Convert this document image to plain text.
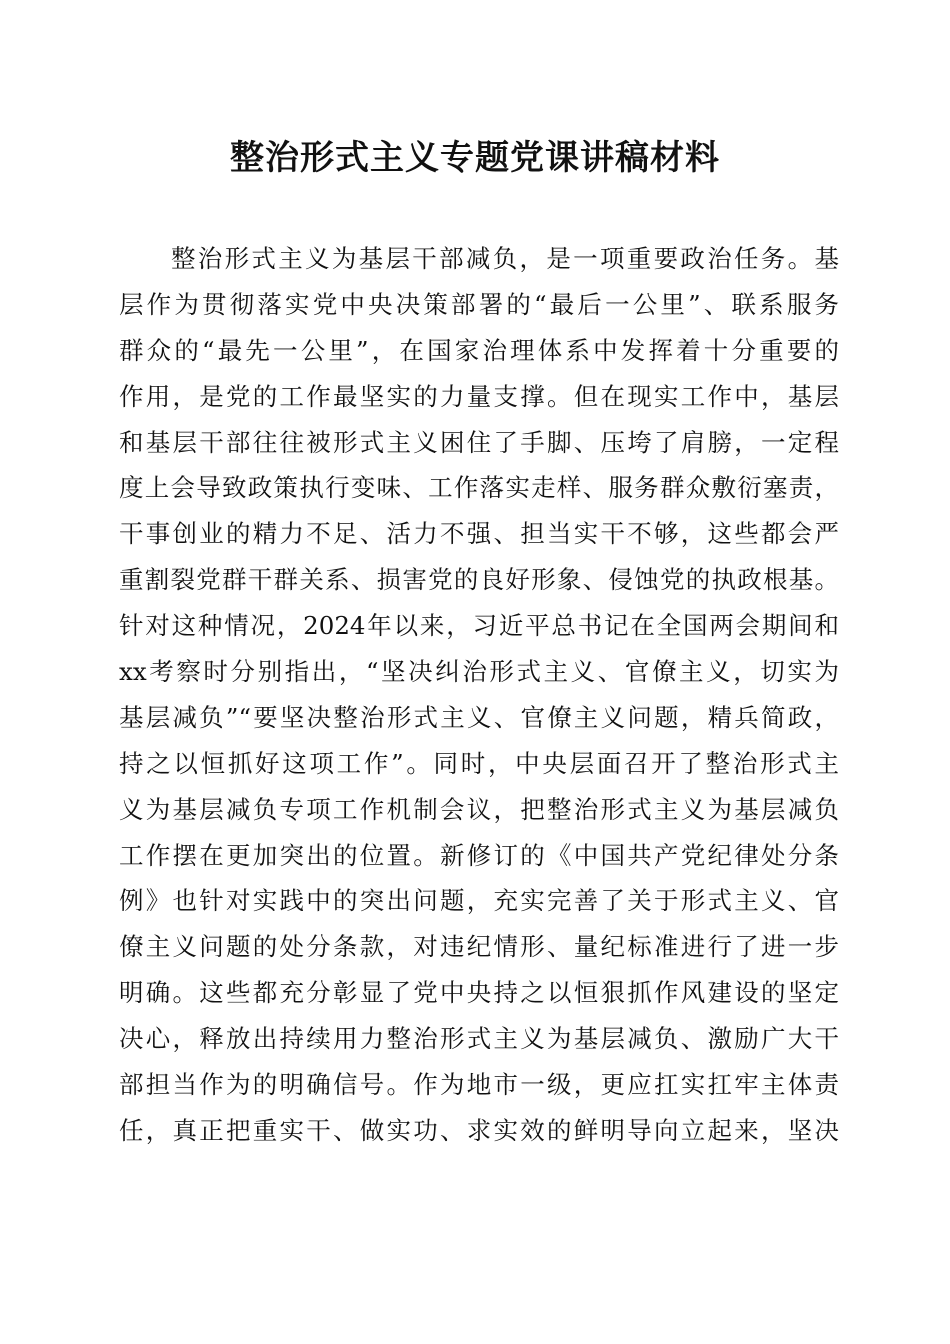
整治形式主义专题党课讲稿材料
整治形式主义为基层干部减负，是一项重要政治任务。基
层作为贯彻落实党中央决策部署的“最后一公里”、联系服务
群众的“最先一公里”，在国家治理体系中发挥着十分重要的
作用，是党的工作最坚实的力量支撑。但在现实工作中，基层
和基层干部往往被形式主义困住了手脚、压垮了肩膀，一定程
度上会导致政策执行变味、工作落实走样、服务群众敷衍塞责，
干事创业的精力不足、活力不强、担当实干不够，这些都会严
重割裂党群干群关系、损害党的良好形象、侵蚀党的执政根基。
针对这种情况，2024年以来，习近平总书记在全国两会期间和
xx考察时分别指出，“坚决纠治形式主义、官僚主义，切实为
基层减负”“要坚决整治形式主义、官僚主义问题，精兵简政，
持之以恒抓好这项工作”。同时，中央层面召开了整治形式主
义为基层减负专项工作机制会议，把整治形式主义为基层减负
工作摆在更加突出的位置。新修订的《中国共产党纪律处分条
例》也针对实践中的突出问题，充实完善了关于形式主义、官
僚主义问题的处分条款，对违纪情形、量纪标准进行了进一步
明确。这些都充分彰显了党中央持之以恒狠抓作风建设的坚定
决心，释放出持续用力整治形式主义为基层减负、激励广大干
部担当作为的明确信号。作为地市一级，更应扛实扛牢主体责
任，真正把重实干、做实功、求实效的鲜明导向立起来，坚决
